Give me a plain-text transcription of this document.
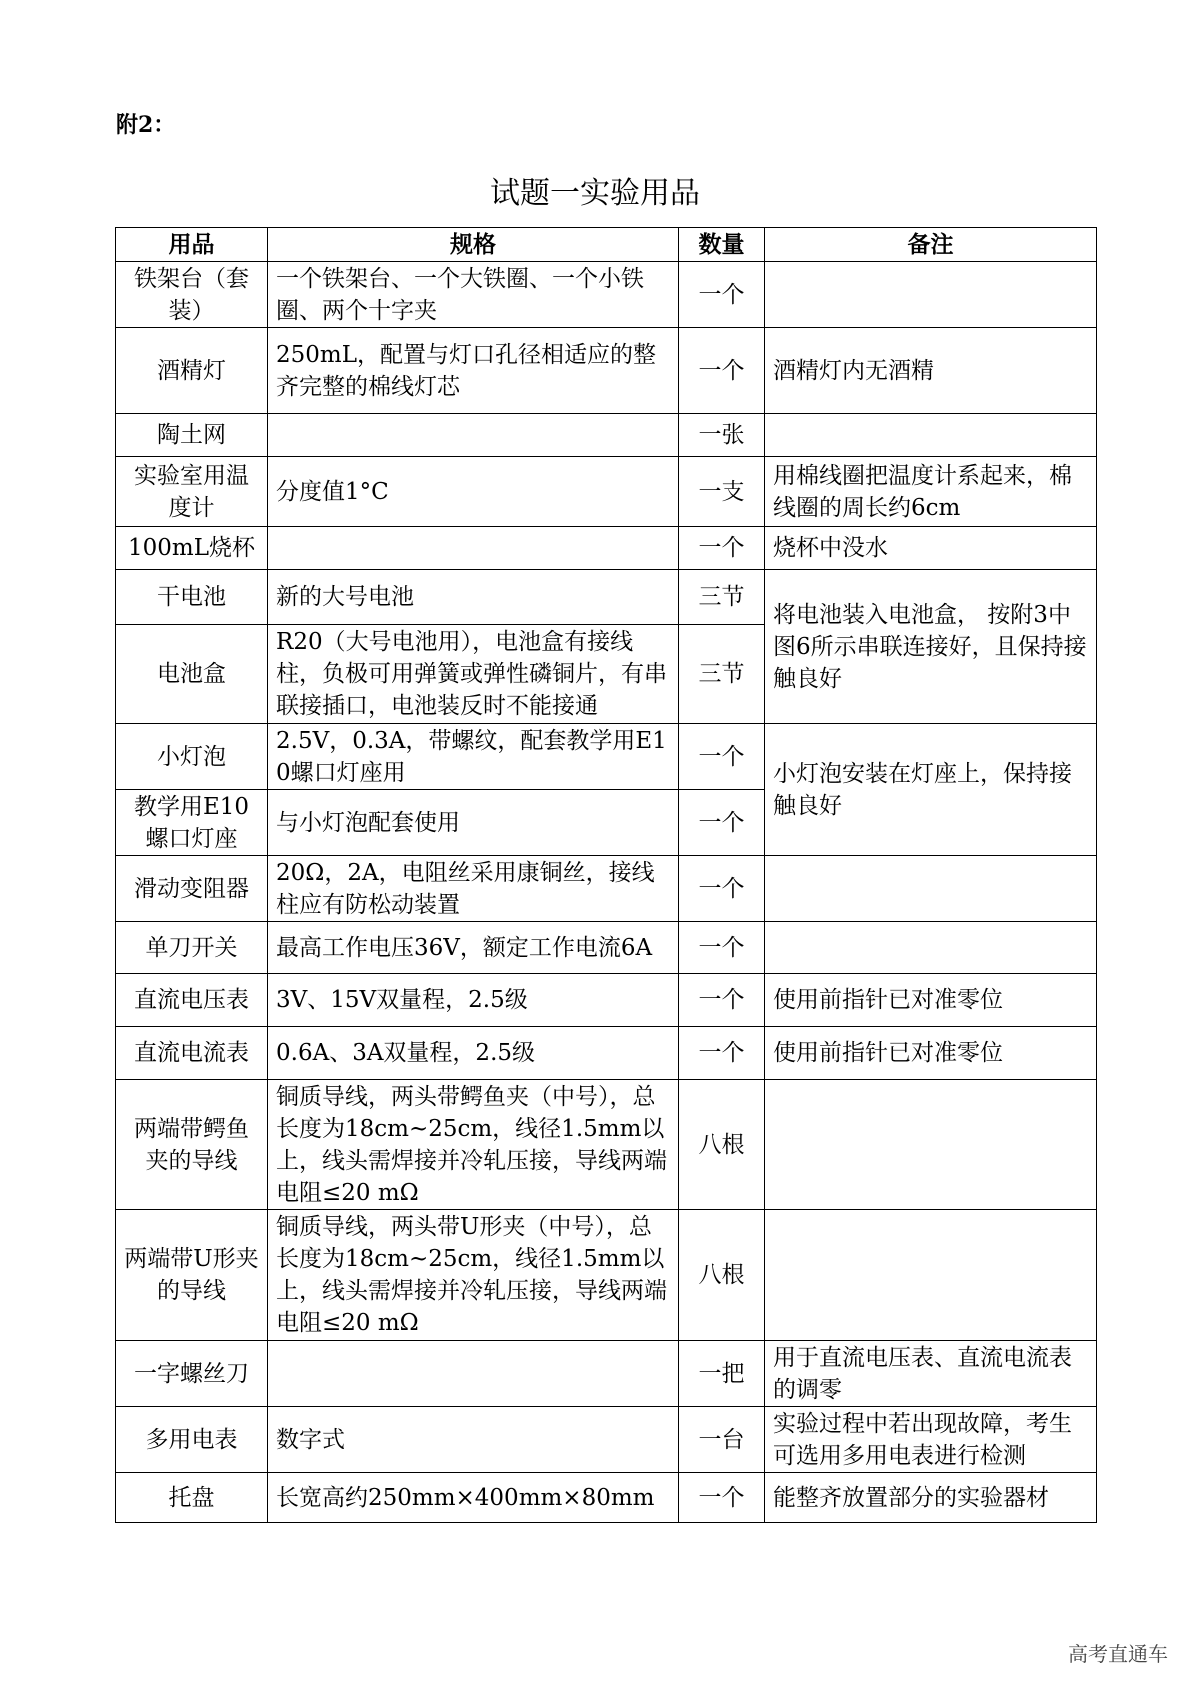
附2：
试题一实验用品
用品	规格	数量	备注
铁架台（套装）	一个铁架台、一个大铁圈、一个小铁圈、两个十字夹	一个	
酒精灯	250mL，配置与灯口孔径相适应的整齐完整的棉线灯芯	一个	酒精灯内无酒精
陶土网		一张	
实验室用温度计	分度值1°C	一支	用棉线圈把温度计系起来，棉线圈的周长约6cm
100mL烧杯		一个	烧杯中没水
干电池	新的大号电池	三节	将电池装入电池盒， 按附3中图6所示串联连接好，且保持接触良好
电池盒	R20（大号电池用），电池盒有接线柱，负极可用弹簧或弹性磷铜片，有串联接插口，电池装反时不能接通	三节	
小灯泡	2.5V，0.3A，带螺纹，配套教学用E10螺口灯座用	一个	小灯泡安装在灯座上，保持接触良好
教学用E10螺口灯座	与小灯泡配套使用	一个	
滑动变阻器	20Ω，2A，电阻丝采用康铜丝，接线柱应有防松动装置	一个	
单刀开关	最高工作电压36V，额定工作电流6A	一个	
直流电压表	3V、15V双量程，2.5级	一个	使用前指针已对准零位
直流电流表	0.6A、3A双量程，2.5级	一个	使用前指针已对准零位
两端带鳄鱼夹的导线	铜质导线，两头带鳄鱼夹（中号），总长度为18cm~25cm，线径1.5mm以上，线头需焊接并冷轧压接，导线两端电阻≤20 mΩ	八根	
两端带U形夹的导线	铜质导线，两头带U形夹（中号），总长度为18cm~25cm，线径1.5mm以上，线头需焊接并冷轧压接，导线两端电阻≤20 mΩ	八根	
一字螺丝刀		一把	用于直流电压表、直流电流表的调零
多用电表	数字式	一台	实验过程中若出现故障，考生可选用多用电表进行检测
托盘	长宽高约250mm×400mm×80mm	一个	能整齐放置部分的实验器材
高考直通车
